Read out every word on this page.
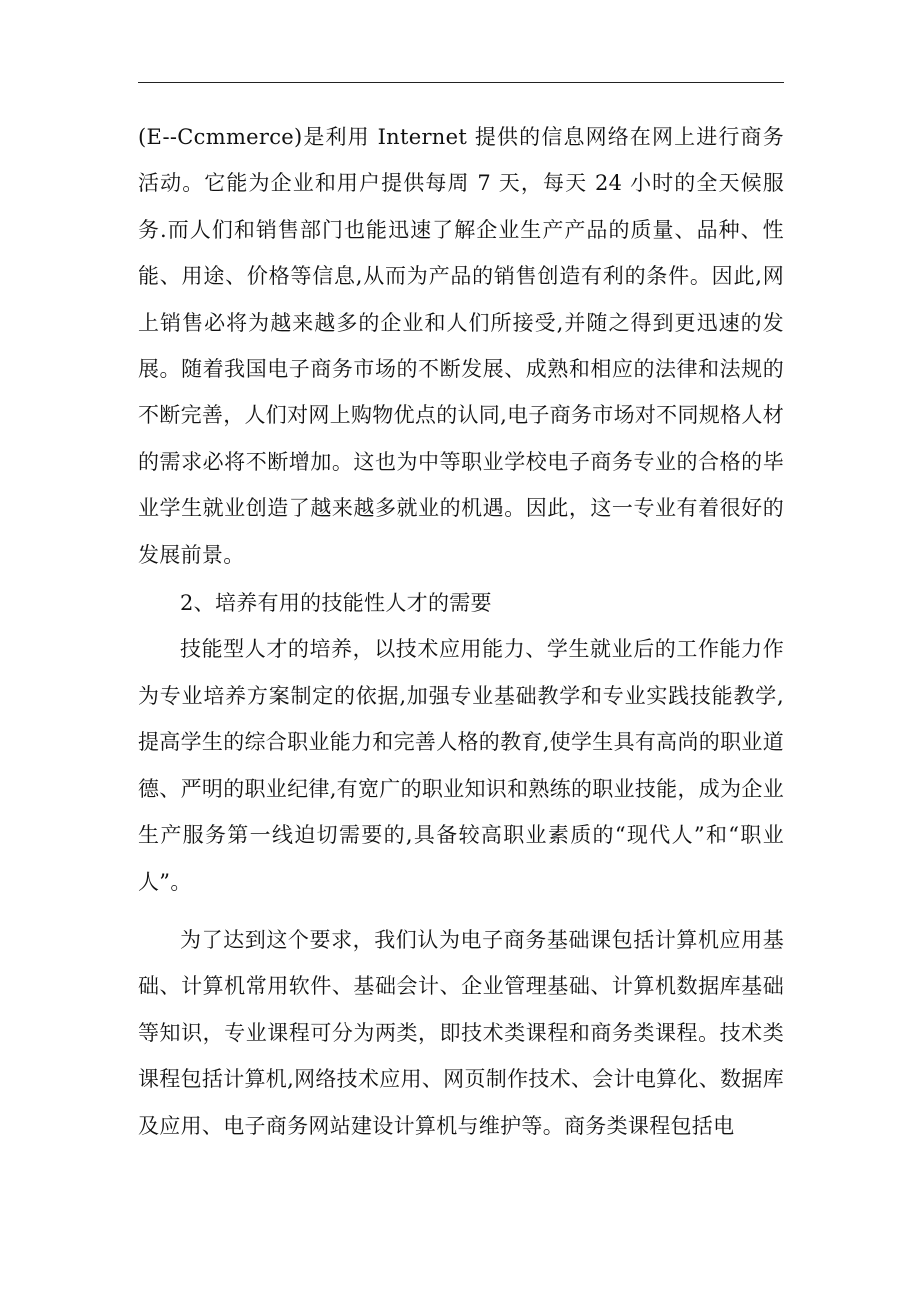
(E--Ccmmerce)是利用 Internet 提供的信息网络在网上进行商务活动。它能为企业和用户提供每周 7 天，每天 24 小时的全天候服务.而人们和销售部门也能迅速了解企业生产产品的质量、品种、性能、用途、价格等信息,从而为产品的销售创造有利的条件。因此,网上销售必将为越来越多的企业和人们所接受,并随之得到更迅速的发展。随着我国电子商务市场的不断发展、成熟和相应的法律和法规的不断完善，人们对网上购物优点的认同,电子商务市场对不同规格人材的需求必将不断增加。这也为中等职业学校电子商务专业的合格的毕业学生就业创造了越来越多就业的机遇。因此，这一专业有着很好的发展前景。

2、培养有用的技能性人才的需要

技能型人才的培养，以技术应用能力、学生就业后的工作能力作为专业培养方案制定的依据,加强专业基础教学和专业实践技能教学,提高学生的综合职业能力和完善人格的教育,使学生具有高尚的职业道德、严明的职业纪律,有宽广的职业知识和熟练的职业技能，成为企业生产服务第一线迫切需要的,具备较高职业素质的“现代人”和“职业人”。

为了达到这个要求，我们认为电子商务基础课包括计算机应用基础、计算机常用软件、基础会计、企业管理基础、计算机数据库基础等知识，专业课程可分为两类，即技术类课程和商务类课程。技术类课程包括计算机,网络技术应用、网页制作技术、会计电算化、数据库及应用、电子商务网站建设计算机与维护等。商务类课程包括电
